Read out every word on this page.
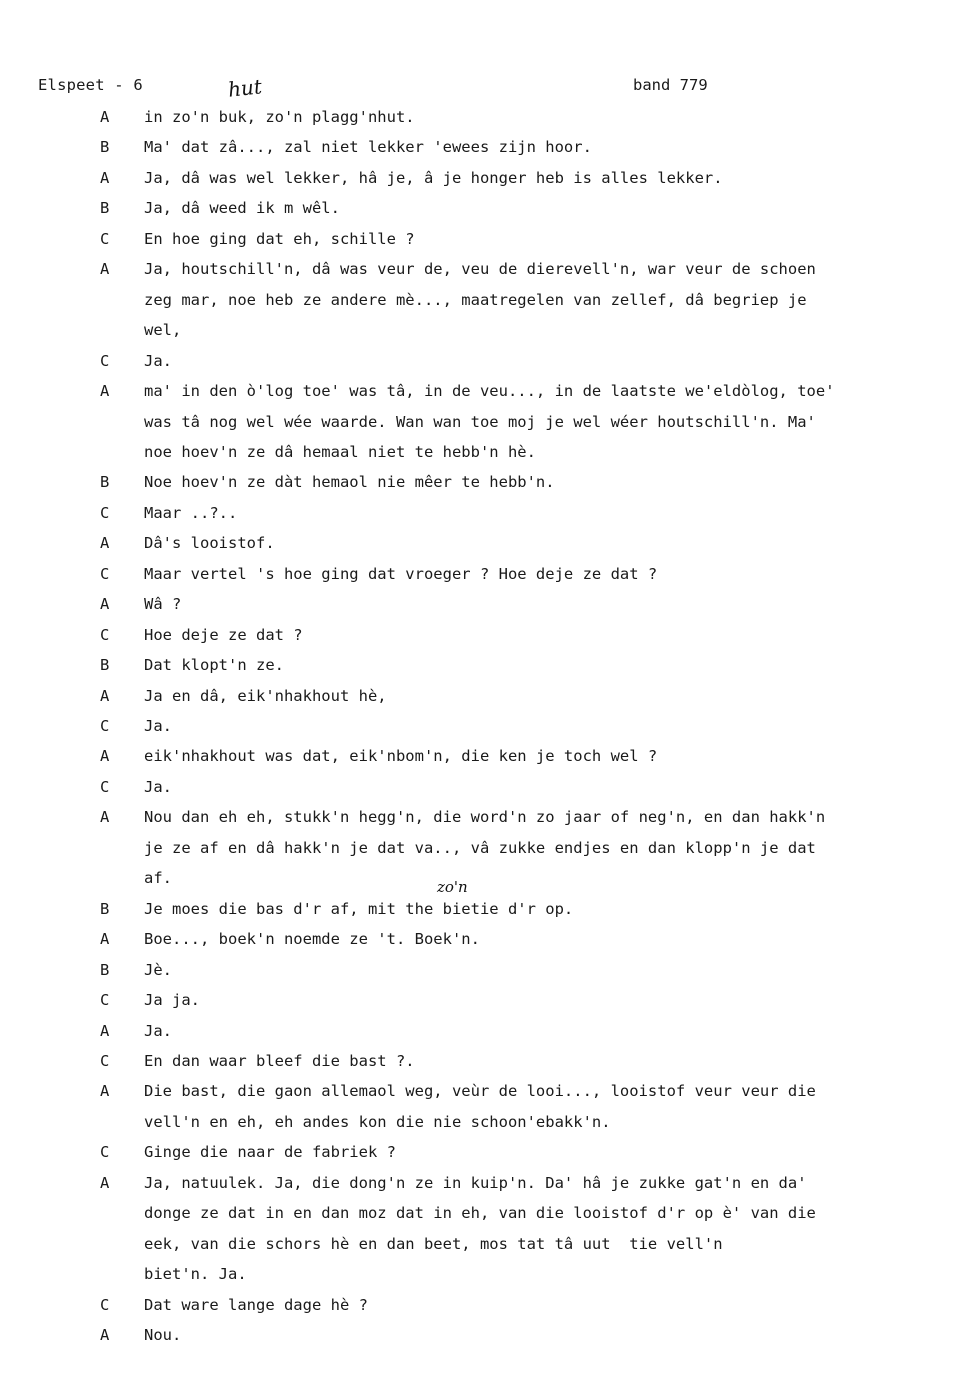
Elspeet - 6	band 779
hut
zo'n
A	in zo'n buk, zo'n plagg'nhut.
B	Ma' dat zâ..., zal niet lekker 'ewees zijn hoor.
A	Ja, dâ was wel lekker, hâ je, â je honger heb is alles lekker.
B	Ja, dâ weed ik m wêl.
C	En hoe ging dat eh, schille ?
A	Ja, houtschill'n, dâ was veur de, veu de dierevell'n, war veur de schoen
zeg mar, noe heb ze andere mè..., maatregelen van zellef, dâ begriep je
wel,
C	Ja.
A	ma' in den ò'log toe' was tâ, in de veu..., in de laatste we'eldòlog, toe'
was tâ nog wel wée waarde. Wan wan toe moj je wel wéer houtschill'n. Ma'
noe hoev'n ze dâ hemaal niet te hebb'n hè.
B	Noe hoev'n ze dàt hemaol nie mêer te hebb'n.
C	Maar ..?..
A	Dâ's looistof.
C	Maar vertel 's hoe ging dat vroeger ? Hoe deje ze dat ?
A	Wâ ?
C	Hoe deje ze dat ?
B	Dat klopt'n ze.
A	Ja en dâ, eik'nhakhout hè,
C	Ja.
A	eik'nhakhout was dat, eik'nbom'n, die ken je toch wel ?
C	Ja.
A	Nou dan eh eh, stukk'n hegg'n, die word'n zo jaar of neg'n, en dan hakk'n
je ze af en dâ hakk'n je dat va.., vâ zukke endjes en dan klopp'n je dat
af.
B	Je moes die bas d'r af, mit the bietie d'r op.
A	Boe..., boek'n noemde ze 't. Boek'n.
B	Jè.
C	Ja ja.
A	Ja.
C	En dan waar bleef die bast ?.
A	Die bast, die gaon allemaol weg, veùr de looi..., looistof veur veur die
vell'n en eh, eh andes kon die nie schoon'ebakk'n.
C	Ginge die naar de fabriek ?
A	Ja, natuulek. Ja, die dong'n ze in kuip'n. Da' hâ je zukke gat'n en da'
donge ze dat in en dan moz dat in eh, van die looistof d'r op è' van die
eek, van die schors hè en dan beet, mos tat tâ uut  tie vell'n
biet'n. Ja.
C	Dat ware lange dage hè ?
A	Nou.
